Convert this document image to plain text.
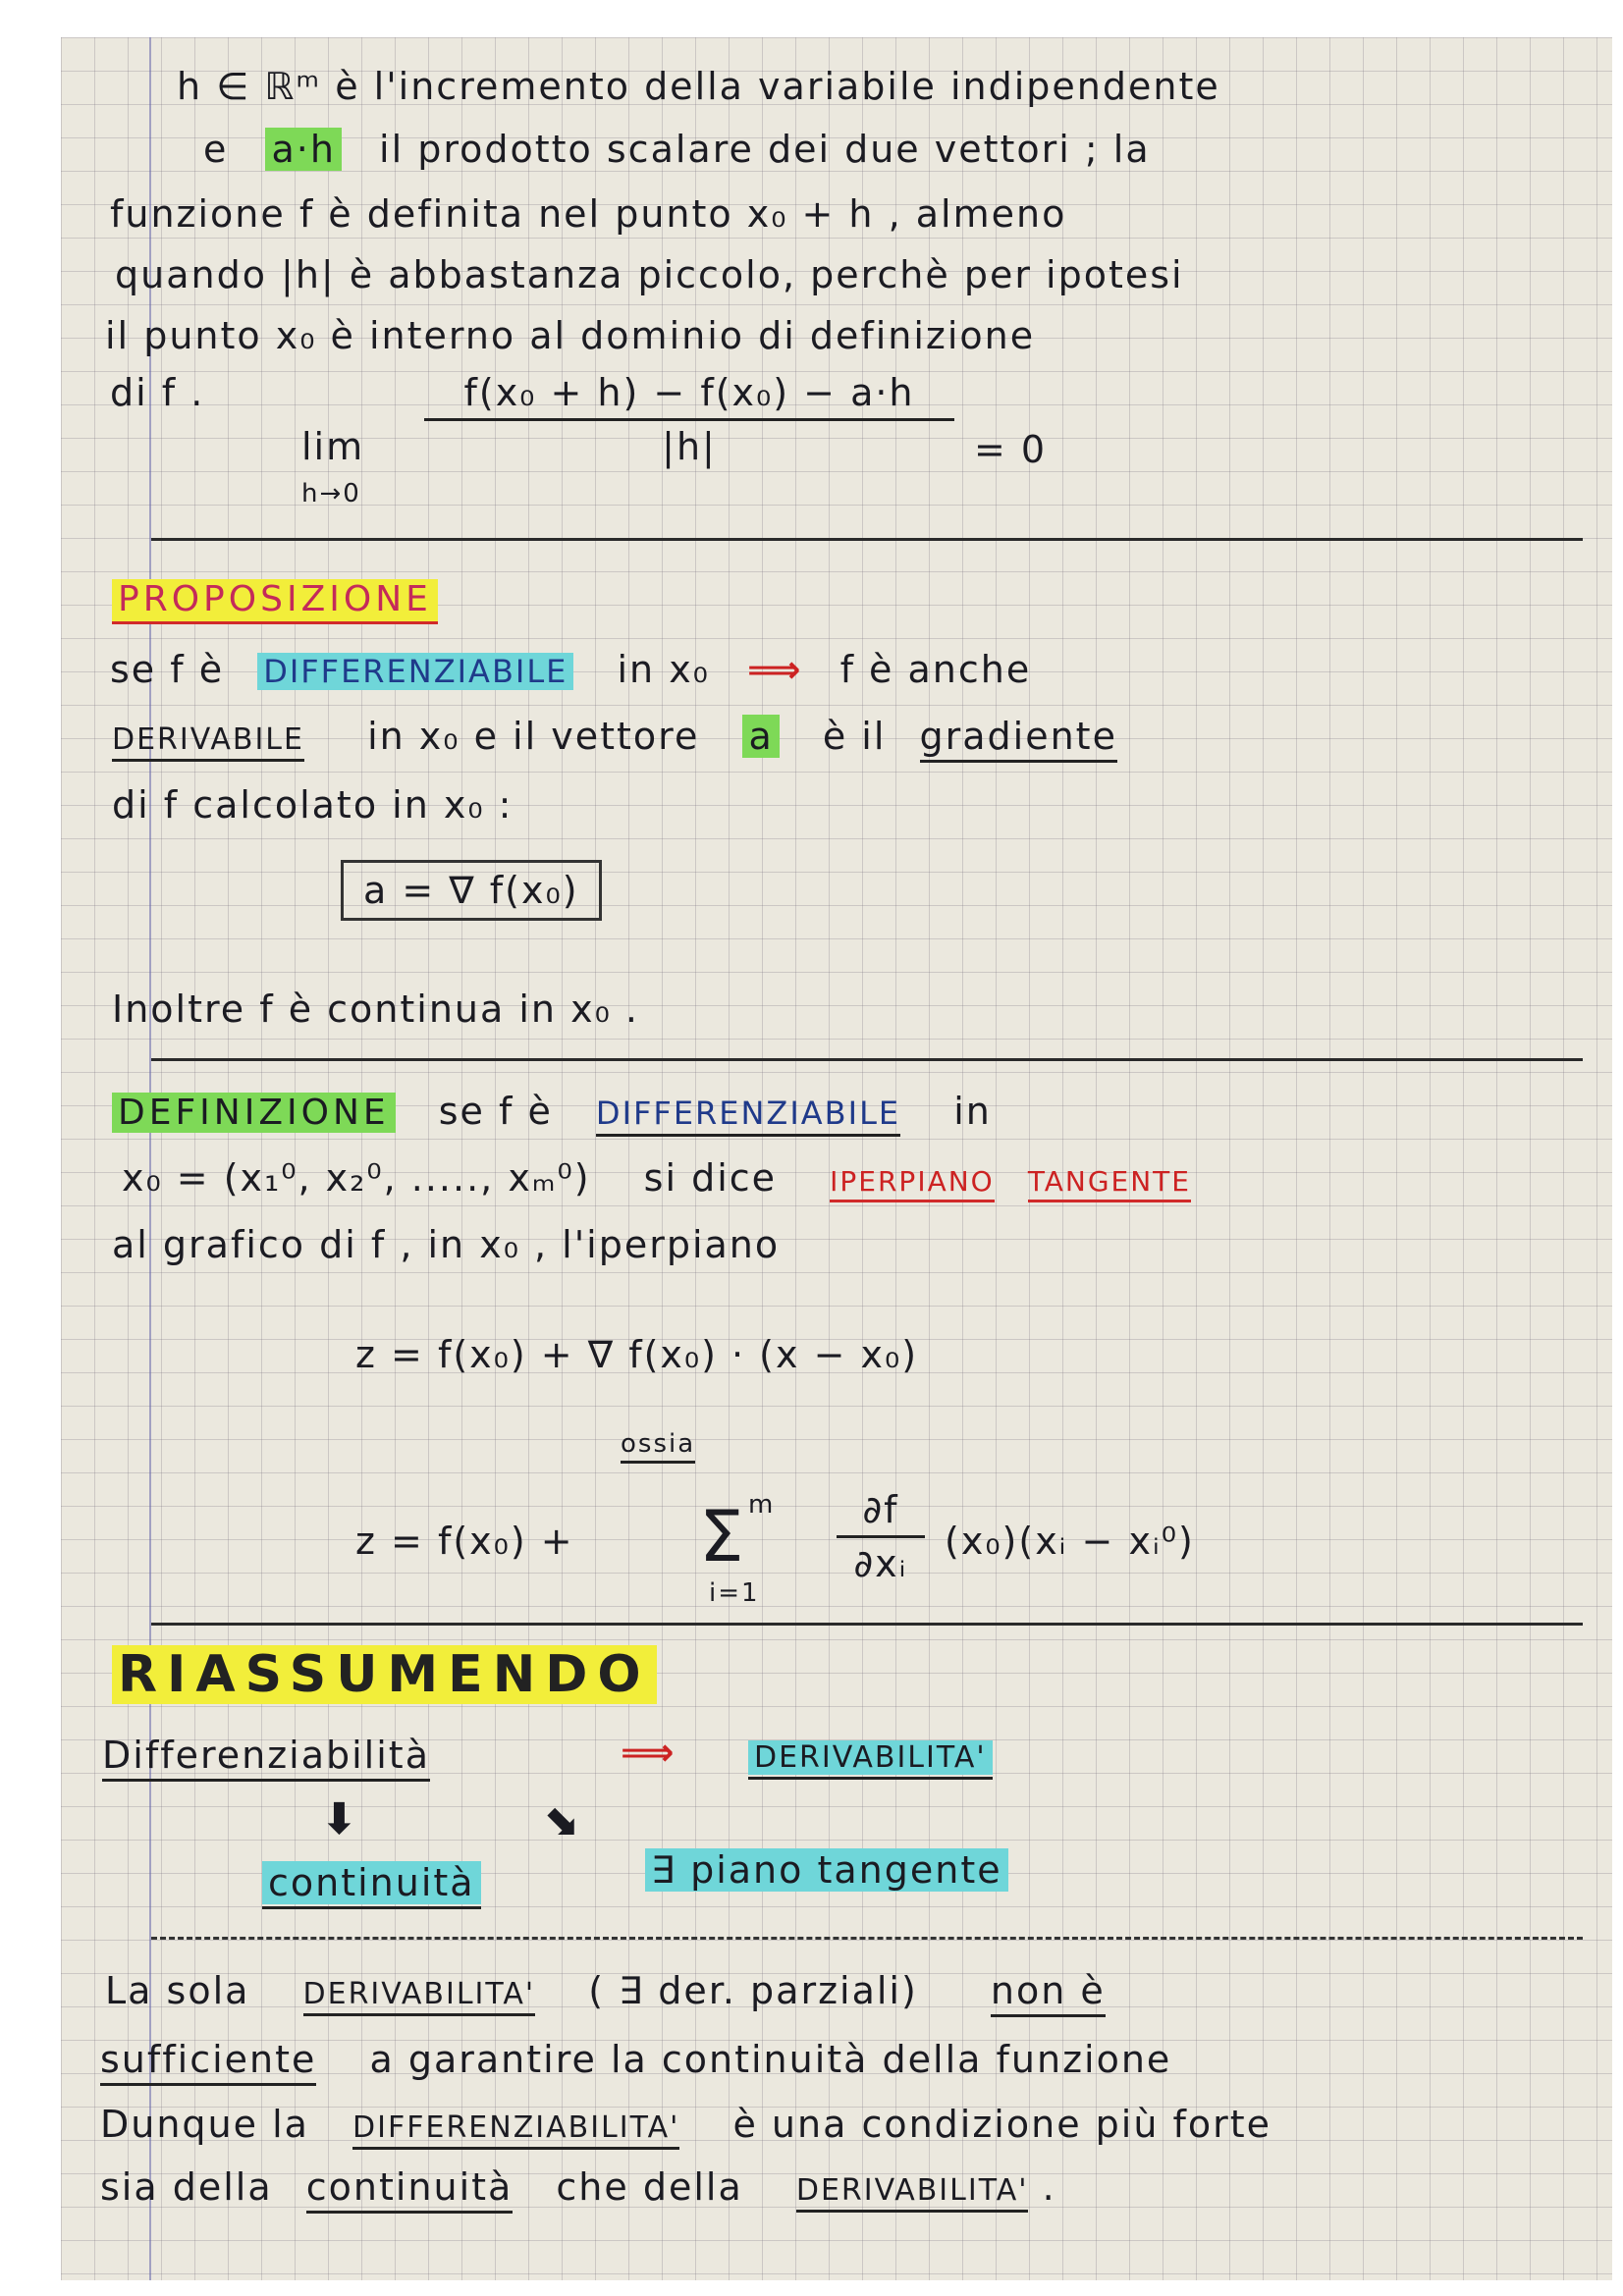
h ∈ ℝᵐ è l'incremento della variabile indipendente
e a·h il prodotto scalare dei due vettori ; la
funzione f è definita nel punto x₀ + h , almeno
quando |h| è abbastanza piccolo, perchè per ipotesi
il punto x₀ è interno al dominio di definizione
di f .
lim
h→0
f(x₀ + h) − f(x₀) − a·h
|h|	= 0
PROPOSIZIONE
se f è DIFFERENZIABILE in x₀ ⟹ f è anche
DERIVABILE in x₀ e il vettore a è il gradiente
di f calcolato in x₀ :
a = ∇ f(x₀)
Inoltre f è continua in x₀ .
DEFINIZIONE se f è DIFFERENZIABILE in
x₀ = (x₁⁰, x₂⁰, ....., xₘ⁰) si dice IPERPIANO TANGENTE
al grafico di f , in x₀ , l'iperpiano
z = f(x₀) + ∇ f(x₀) · (x − x₀)
ossia
z = f(x₀) +
m
Σ
i=1
∂f
∂xᵢ
(x₀)(xᵢ − xᵢ⁰)
RIASSUMENDO
Differenziabilità	⟹	DERIVABILITA'
⬇	⬊
continuità	∃ piano tangente
La sola DERIVABILITA' ( ∃ der. parziali) non è
sufficiente a garantire la continuità della funzione
Dunque la DIFFERENZIABILITA' è una condizione più forte
sia della continuità che della DERIVABILITA' .
